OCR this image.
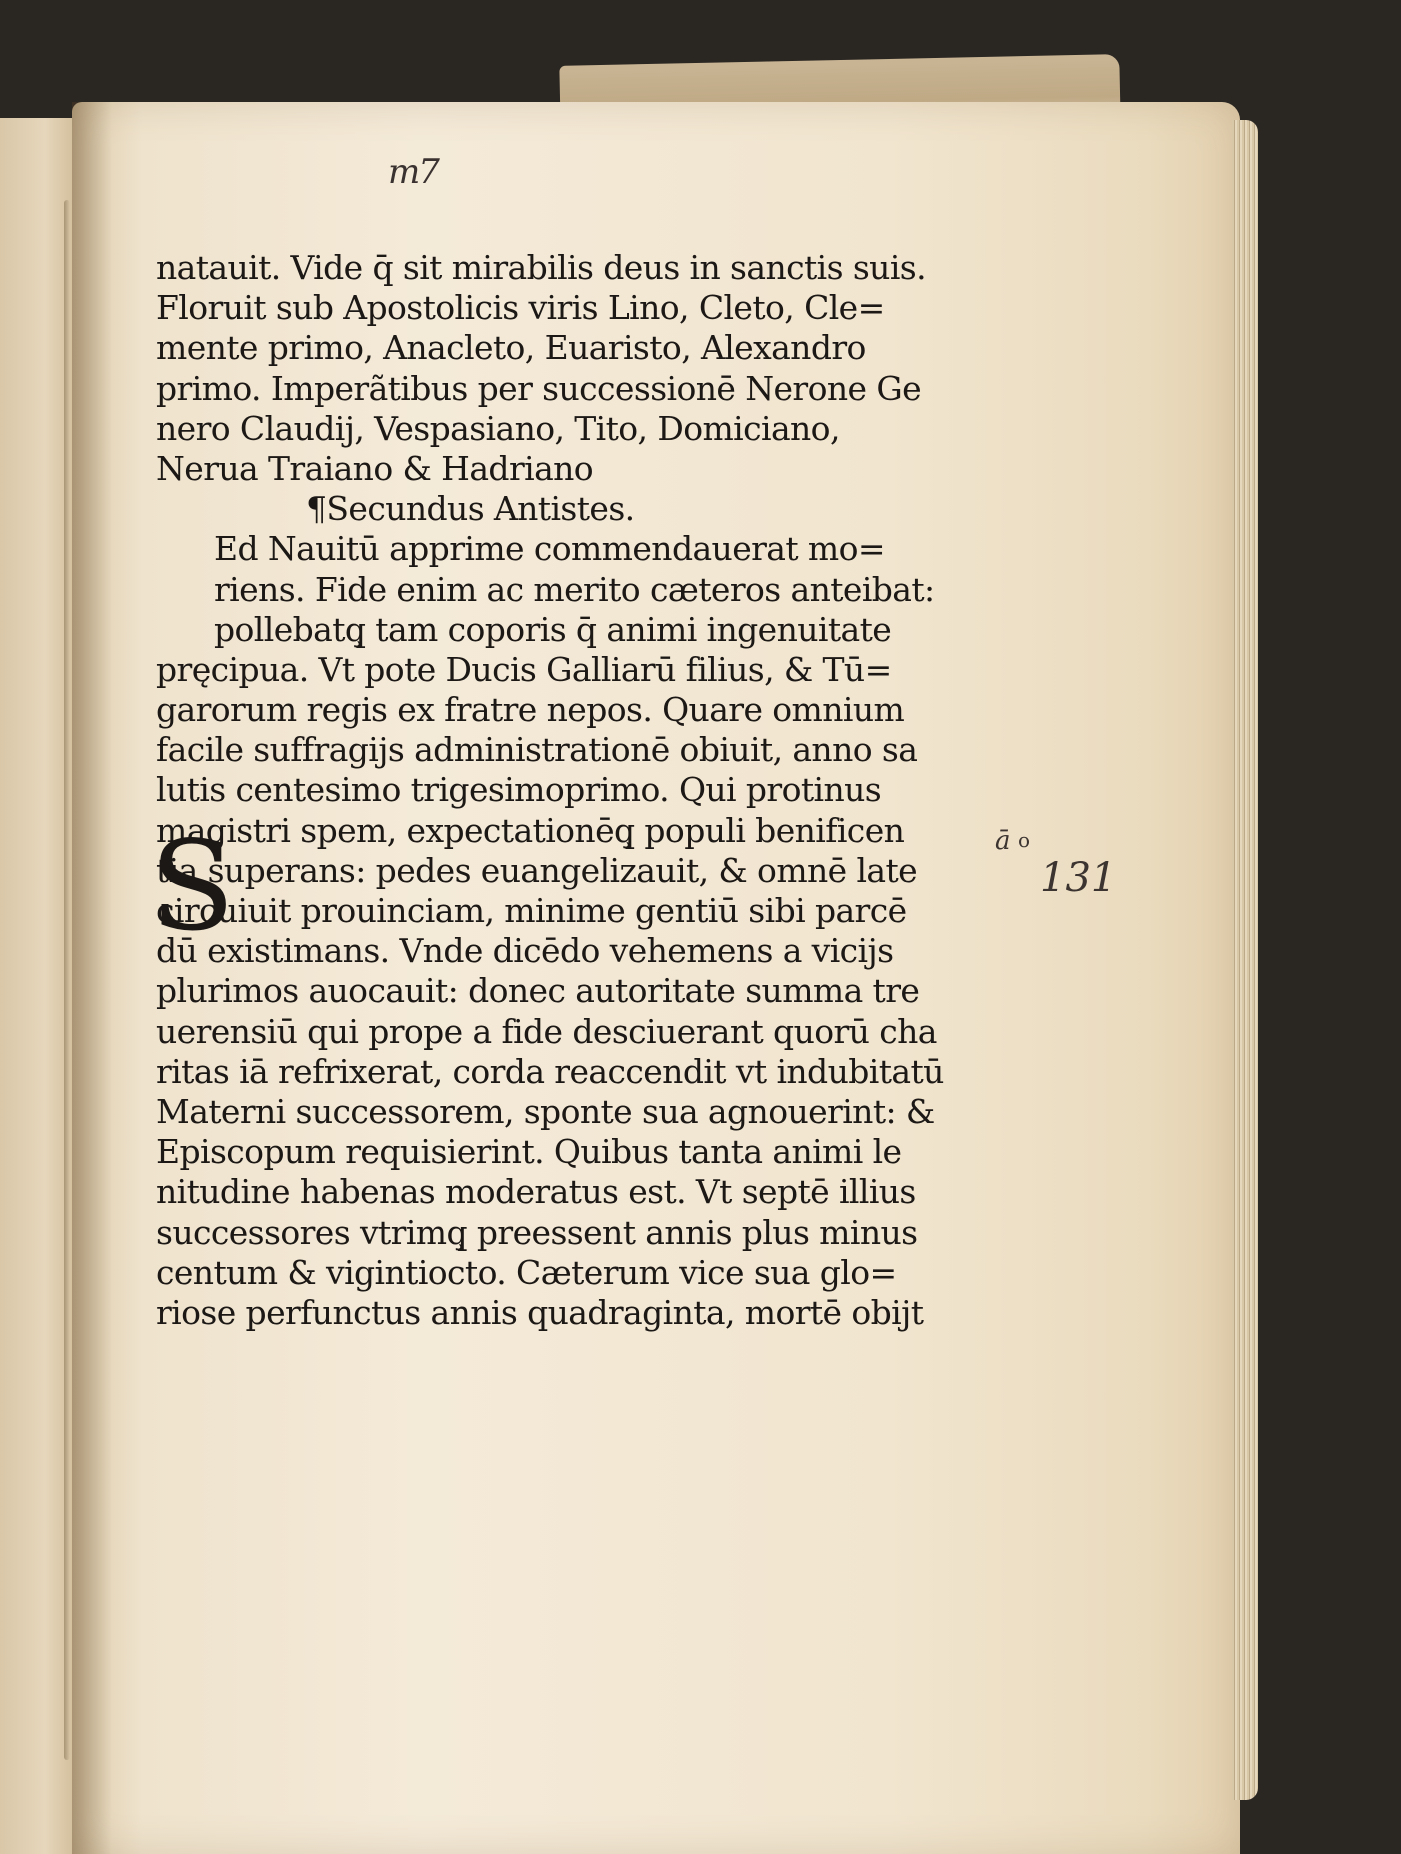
m7
natauit. Vide q̄ sit mirabilis deus in sanctis suis.
Floruit sub Apostolicis viris Lino, Cleto, Cle=
mente primo, Anacleto, Euaristo, Alexandro
primo. Imperãtibus per successionē Nerone Ge
nero Claudij, Vespasiano, Tito, Domiciano,
Nerua Traiano & Hadriano
¶Secundus Antistes.
Ed Nauitū apprime commendauerat mo=
riens. Fide enim ac merito cæteros anteibat:
pollebatq̧ tam coporis q̄ animi ingenuitate
pręcipua. Vt pote Ducis Galliarū filius, & Tū=
garorum regis ex fratre nepos. Quare omnium
facile suffragijs administrationē obiuit, anno sa
lutis centesimo trigesimoprimo. Qui protinus
magistri spem, expectationēq̧ populi benificen
tia superans: pedes euangelizauit, & omnē late
circuiuit prouinciam, minime gentiū sibi parcē
dū existimans. Vnde dicēdo vehemens a vicijs
plurimos auocauit: donec autoritate summa tre
uerensiū qui prope a fide desciuerant quorū cha
ritas iā refrixerat, corda reaccendit vt indubitatū
Materni successorem, sponte sua agnouerint: &
Episcopum requisierint. Quibus tanta animi le
nitudine habenas moderatus est. Vt septē illius
successores vtrimq̧ preessent annis plus minus
centum & vigintiocto. Cæterum vice sua glo=
riose perfunctus annis quadraginta, mortē obijt
S	o
ā
131
